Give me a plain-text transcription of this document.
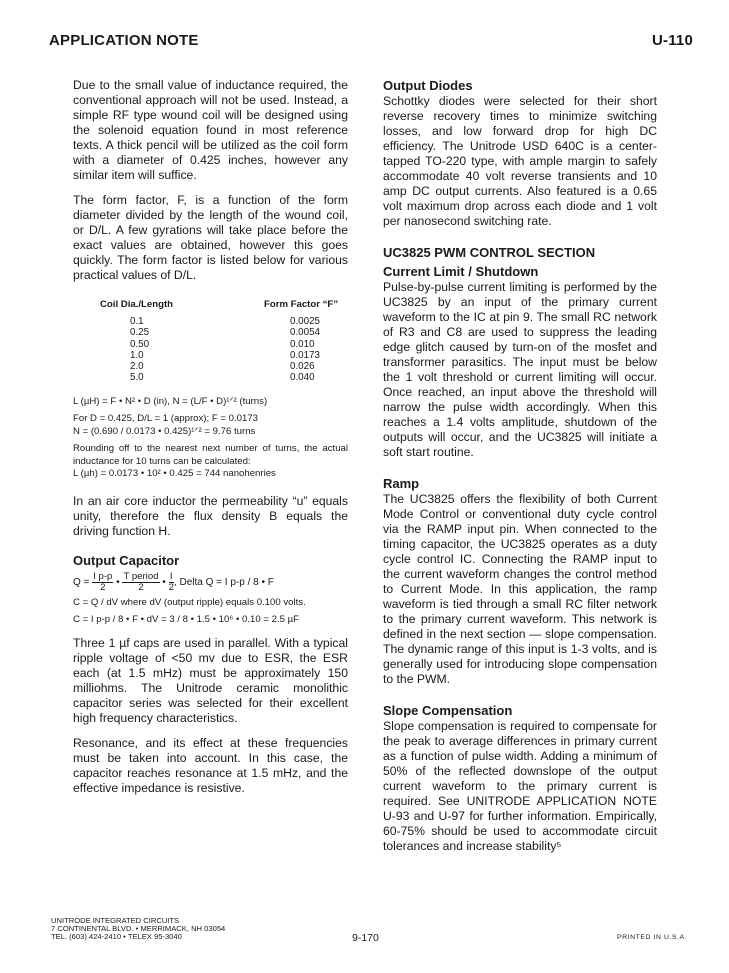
APPLICATION NOTE	U-110

Due to the small value of inductance required, the conventional approach will not be used. Instead, a simple RF type wound coil will be designed using the solenoid equation found in most reference texts. A thick pencil will be utilized as the coil form with a diameter of 0.425 inches, however any similar item will suffice.

The form factor, F, is a function of the form diameter divided by the length of the wound coil, or D/L. A few gyrations will take place before the exact values are obtained, however this goes quickly. The form factor is listed below for various practical values of D/L.

Coil Dia./Length	Form Factor “F”
0.1	0.0025
0.25	0.0054
0.50	0.010
1.0	0.0173
2.0	0.026
5.0	0.040
L (µH) = F • N² • D (in), N = (L/F • D)¹ᐟ² (turns)
For D = 0.425, D/L = 1 (approx); F = 0.0173
N = (0.690 / 0.0173 • 0.425)¹ᐟ² = 9.76 turns
Rounding off to the nearest next number of turns, the actual inductance for 10 turns can be calculated:
L (µh) = 0.0173 • 10² • 0.425 = 744 nanohenries

In an air core inductor the permeability “u” equals unity, therefore the flux density B equals the driving function H.

Output Capacitor
$Q = \frac{\text{I p-p}}{2}$ • $\frac{\text{T period}}{2}$ • $\frac{I}{2}$ , Delta Q = I p-p / 8 • F
C = Q / dV where dV (output ripple) equals 0.100 volts.
C = I p-p / 8 • F • dV = 3 / 8 • 1.5 • 10⁶ • 0.10 = 2.5 µF

Three 1 µf caps are used in parallel. With a typical ripple voltage of <50 mv due to ESR, the ESR each (at 1.5 mHz) must be approximately 150 milliohms. The Unitrode ceramic monolithic capacitor series was selected for their excellent high frequency characteristics.

Resonance, and its effect at these frequencies must be taken into account. In this case, the capacitor reaches resonance at 1.5 mHz, and the effective impedance is resistive.

Output Diodes

Schottky diodes were selected for their short reverse recovery times to minimize switching losses, and low forward drop for high DC efficiency. The Unitrode USD 640C is a center-tapped TO-220 type, with ample margin to safely accommodate 40 volt reverse transients and 10 amp DC output currents. Also featured is a 0.65 volt maximum drop across each diode and 1 volt per nanosecond switching rate.

UC3825 PWM CONTROL SECTION
Current Limit / Shutdown

Pulse-by-pulse current limiting is performed by the UC3825 by an input of the primary current waveform to the IC at pin 9. The small RC network of R3 and C8 are used to suppress the leading edge glitch caused by turn-on of the mosfet and transformer parasitics. The input must be below the 1 volt threshold or current limiting will occur. Once reached, an input above the threshold will narrow the pulse width accordingly. When this reaches a 1.4 volts amplitude, shutdown of the outputs will occur, and the UC3825 will initiate a soft start routine.

Ramp

The UC3825 offers the flexibility of both Current Mode Control or conventional duty cycle control via the RAMP input pin. When connected to the timing capacitor, the UC3825 operates as a duty cycle control IC. Connecting the RAMP input to the current waveform changes the control method to Current Mode. In this application, the ramp waveform is tied through a small RC filter network to the primary current waveform. This network is defined in the next section — slope compensation. The dynamic range of this input is 1-3 volts, and is generally used for introducing slope compensation to the PWM.

Slope Compensation

Slope compensation is required to compensate for the peak to average differences in primary current as a function of pulse width. Adding a minimum of 50% of the reflected downslope of the output current waveform to the primary current is required. See UNITRODE APPLICATION NOTE U-93 and U-97 for further information. Empirically, 60-75% should be used to accommodate circuit tolerances and increase stability⁵

UNITRODE INTEGRATED CIRCUITS
7 CONTINENTAL BLVD. • MERRIMACK, NH 03054
TEL. (603) 424-2410 • TELEX 95-3040	9-170	PRINTED IN U.S.A.
